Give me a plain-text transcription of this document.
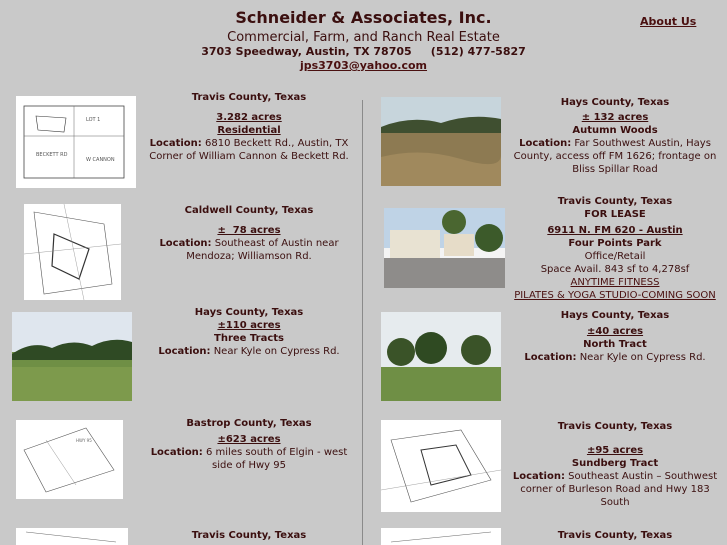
Schneider & Associates, Inc.
Commercial, Farm, and Ranch Real Estate
3703 Speedway, Austin, TX 78705     (512) 477-5827
jps3703@yahoo.com
About Us
LOT 1
BECKETT RD
W CANNON
Travis County, Texas
3.282 acres
Residential
Location: 6810 Beckett Rd., Austin, TX
Corner of William Cannon & Beckett Rd.
Caldwell County, Texas
±  78 acres
Location: Southeast of Austin near Mendoza; Williamson Rd.
Hays County, Texas
±110 acres
Three Tracts
Location: Near Kyle on Cypress Rd.
HWY 95
Bastrop County, Texas
±623 acres
Location: 6 miles south of Elgin - west side of Hwy 95
Travis County, Texas
Hays County, Texas
± 132 acres
Autumn Woods
Location: Far Southwest Austin, Hays County, access off FM 1626; frontage on Bliss Spillar Road
Travis County, Texas
FOR LEASE
6911 N. FM 620 - Austin
Four Points Park
Office/Retail
Space Avail. 843 sf to 4,278sf
ANYTIME FITNESS
PILATES & YOGA STUDIO-COMING SOON
Hays County, Texas
±40 acres
North Tract
Location: Near Kyle on Cypress Rd.
Travis County, Texas
±95 acres
Sundberg Tract
Location: Southeast Austin – Southwest corner of Burleson Road and Hwy 183 South
Travis County, Texas
